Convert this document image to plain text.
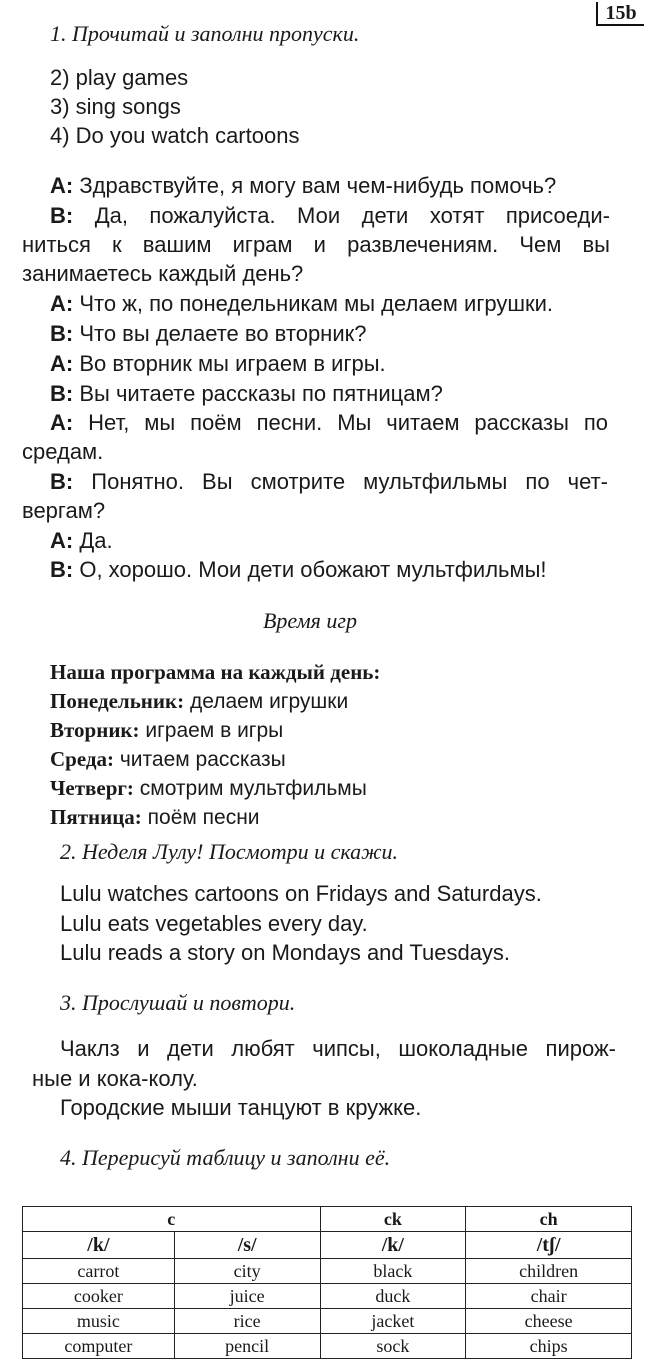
15b
1. Прочитай и заполни пропуски.
2) play games
3) sing songs
4) Do you watch cartoons
A: Здравствуйте, я могу вам чем-нибудь помочь?
B: Да, пожалуйста. Мои дети хотят присоеди-
ниться к вашим играм и развлечениям. Чем вы
занимаетесь каждый день?
A: Что ж, по понедельникам мы делаем игрушки.
B: Что вы делаете во вторник?
A: Во вторник мы играем в игры.
B: Вы читаете рассказы по пятницам?
A: Нет, мы поём песни. Мы читаем рассказы по
средам.
B: Понятно. Вы смотрите мультфильмы по чет-
вергам?
A: Да.
B: О, хорошо. Мои дети обожают мультфильмы!
Время игр
Наша программа на каждый день:
Понедельник: делаем игрушки
Вторник: играем в игры
Среда: читаем рассказы
Четверг: смотрим мультфильмы
Пятница: поём песни
2. Неделя Лулу! Посмотри и скажи.
Lulu watches cartoons on Fridays and Saturdays.
Lulu eats vegetables every day.
Lulu reads a story on Mondays and Tuesdays.
3. Прослушай и повтори.
Чаклз и дети любят чипсы, шоколадные пирож-
ные и кока-колу.
Городские мыши танцуют в кружке.
4. Перерисуй таблицу и заполни её.
c		ck	ch
/k/	/s/	/k/	/tʃ/
carrot	city	black	children
cooker	juice	duck	chair
music	rice	jacket	cheese
computer	pencil	sock	chips
